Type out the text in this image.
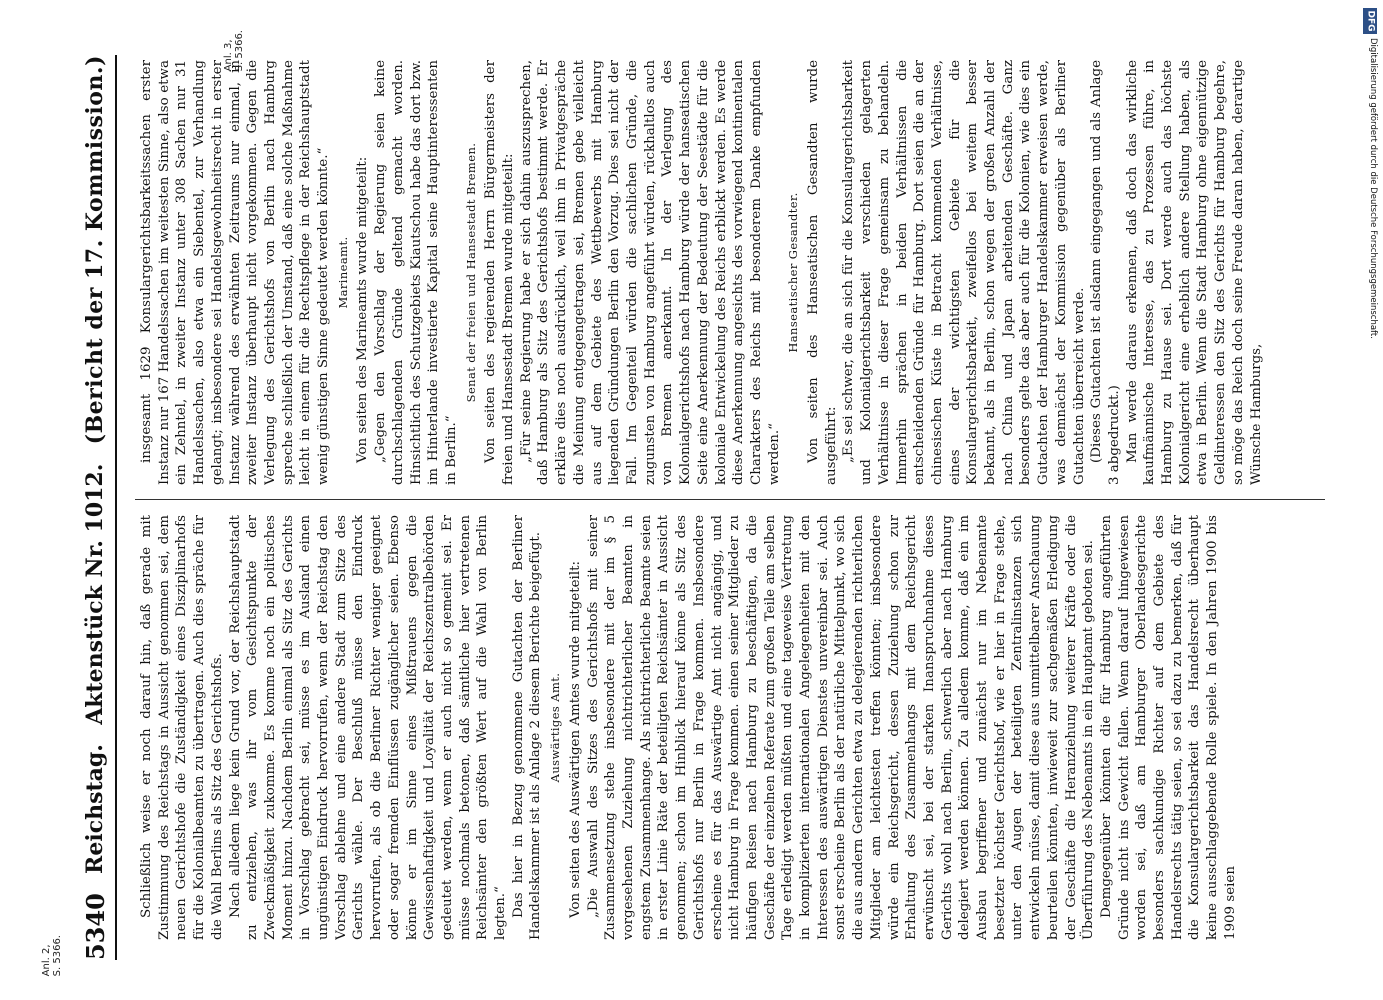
5340
Reichstag.
Aktenstück Nr. 1012.
(Bericht der 17. Kommission.)

Schließlich weise er noch darauf hin, daß gerade mit Zustimmung des Reichstags in Aussicht genommen sei, dem neuen Gerichtshofe die Zuständigkeit eines Disziplinarhofs für die Kolonialbeamten zu übertragen. Auch dies spräche für die Wahl Berlins als Sitz des Gerichtshofs. Nach alledem liege kein Grund vor, der Reichshauptstadt zu entziehen, was ihr vom Gesichtspunkte der Zweckmäßigkeit zukomme. Es komme noch ein politisches Moment hinzu. Nachdem Berlin einmal als Sitz des Gerichts in Vorschlag gebracht sei, müsse es im Ausland einen ungünstigen Eindruck hervorrufen, wenn der Reichstag den Vorschlag ablehne und eine andere Stadt zum Sitze des Gerichts wähle. Der Beschluß müsse den Eindruck hervorrufen, als ob die Berliner Richter weniger geeignet oder sogar fremden Einflüssen zugänglicher seien. Ebenso könne er im Sinne eines Mißtrauens gegen die Gewissenhaftigkeit und Loyalität der Reichszentralbehörden gedeutet werden, wenn er auch nicht so gemeint sei. Er müsse nochmals betonen, daß sämtliche hier vertretenen Reichsämter den größten Wert auf die Wahl von Berlin legten.“ Das hier in Bezug genommene Gutachten der Berliner Handelskammer ist als Anlage 2 diesem Berichte beigefügt. Auswärtiges Amt. Von seiten des Auswärtigen Amtes wurde mitgeteilt: „Die Auswahl des Sitzes des Gerichtshofs mit seiner Zusammensetzung stehe insbesondere mit der im § 5 vorgesehenen Zuziehung nichtrichterlicher Beamten in engstem Zusammenhange. Als nichtrichterliche Beamte seien in erster Linie Räte der beteiligten Reichsämter in Aussicht genommen; schon im Hinblick hierauf könne als Sitz des Gerichtshofs nur Berlin in Frage kommen. Insbesondere erscheine es für das Auswärtige Amt nicht angängig, und nicht Hamburg in Frage kommen. einen seiner Mitglieder zu häufigen Reisen nach Hamburg zu beschäftigen, da die Geschäfte der einzelnen Referate zum großen Teile am selben Tage erledigt werden müßten und eine tageweise Vertretung in komplizierten internationalen Angelegenheiten mit den Interessen des auswärtigen Dienstes unvereinbar sei. Auch sonst erscheine Berlin als der natürliche Mittelpunkt, wo sich die aus andern Gerichten etwa zu delegierenden richterlichen Mitglieder am leichtesten treffen könnten; insbesondere würde ein Reichsgericht, dessen Zuziehung schon zur Erhaltung des Zusammenhangs mit dem Reichsgericht erwünscht sei, bei der starken Inanspruchnahme dieses Gerichts wohl nach Berlin, schwerlich aber nach Hamburg delegiert werden können. Zu alledem komme, daß ein im Ausbau begriffener und zunächst nur im Nebenamte besetzter höchster Gerichtshof, wie er hier in Frage stehe, unter den Augen der beteiligten Zentralinstanzen sich entwickeln müsse, damit diese aus unmittelbarer Anschauung beurteilen könnten, inwieweit zur sachgemäßen Erledigung der Geschäfte die Heranziehung weiterer Kräfte oder die Überführung des Nebenamts in ein Hauptamt geboten sei. Demgegenüber könnten die für Hamburg angeführten Gründe nicht ins Gewicht fallen. Wenn darauf hingewiesen worden sei, daß am Hamburger Oberlandesgerichte besonders sachkundige Richter auf dem Gebiete des Handelsrechts tätig seien, so sei dazu zu bemerken, daß für die Konsulargerichtsbarkeit das Handelsrecht überhaupt keine ausschlaggebende Rolle spiele. In den Jahren 1900 bis 1909 seien

insgesamt 1629 Konsulargerichtsbarkeitssachen erster Instanz nur 167 Handelssachen im weitesten Sinne, also etwa ein Zehntel, in zweiter Instanz unter 308 Sachen nur 31 Handelssachen, also etwa ein Siebentel, zur Verhandlung gelangt; insbesondere sei Handelsgewohnheitsrecht in erster Instanz während des erwähnten Zeitraums nur einmal, in zweiter Instanz überhaupt nicht vorgekommen. Gegen die Verlegung des Gerichtshofs von Berlin nach Hamburg spreche schließlich der Umstand, daß eine solche Maßnahme leicht in einem für die Rechtspflege in der Reichshauptstadt wenig günstigen Sinne gedeutet werden könnte.“ Marineamt. Von seiten des Marineamts wurde mitgeteilt: „Gegen den Vorschlag der Regierung seien keine durchschlagenden Gründe geltend gemacht worden. Hinsichtlich des Schutzgebiets Kiautschou habe das dort bzw. im Hinterlande investierte Kapital seine Hauptinteressenten in Berlin.“

Senat der freien und Hansestadt Bremen. Von seiten des regierenden Herrn Bürgermeisters der freien und Hansestadt Bremen wurde mitgeteilt: „Für seine Regierung habe er sich dahin auszusprechen, daß Hamburg als Sitz des Gerichtshofs bestimmt werde. Er erkläre dies noch ausdrücklich, weil ihm in Privatgespräche die Meinung entgegengetragen sei, Bremen gebe vielleicht aus auf dem Gebiete des Wettbewerbs mit Hamburg liegenden Gründungen Berlin den Vorzug. Dies sei nicht der Fall. Im Gegenteil würden die sachlichen Gründe, die zugunsten von Hamburg angeführt würden, rückhaltlos auch von Bremen anerkannt. In der Verlegung des Kolonialgerichtshofs nach Hamburg würde der hanseatischen Seite eine Anerkennung der Bedeutung der Seestädte für die koloniale Entwickelung des Reichs erblickt werden. Es werde diese Anerkennung angesichts des vorwiegend kontinentalen Charakters des Reichs mit besonderem Danke empfunden werden.“

Hanseatischer Gesandter. Von seiten des Hanseatischen Gesandten wurde ausgeführt: „Es sei schwer, die an sich für die Konsulargerichtsbarkeit und Kolonialgerichtsbarkeit verschieden gelagerten Verhältnisse in dieser Frage gemeinsam zu behandeln. Immerhin sprächen in beiden Verhältnissen die entscheidenden Gründe für Hamburg. Dort seien die an der chinesischen Küste in Betracht kommenden Verhältnisse, eines der wichtigsten Gebiete für die Konsulargerichtsbarkeit, zweifellos bei weitem besser bekannt, als in Berlin, schon wegen der großen Anzahl der nach China und Japan arbeitenden Geschäfte. Ganz besonders gelte das aber auch für die Kolonien, wie dies ein Gutachten der Hamburger Handelskammer erweisen werde, was demnächst der Kommission gegenüber als Berliner Gutachten überreicht werde. (Dieses Gutachten ist alsdann eingegangen und als Anlage 3 abgedruckt.) Man werde daraus erkennen, daß doch das wirkliche kaufmännische Interesse, das zu Prozessen führe, in Hamburg zu Hause sei. Dort werde auch das höchste Kolonialgericht eine erheblich andere Stellung haben, als etwa in Berlin. Wenn die Stadt Hamburg ohne eigennützige Geldinteressen den Sitz des Gerichts für Hamburg begehre, so möge das Reich doch seine Freude daran haben, derartige Wünsche Hamburgs,

Anl. 2, S. 5366.
Anl. 3, S. 5366.
DFG
Digitalisierung gefördert durch die Deutsche Forschungsgemeinschaft.
